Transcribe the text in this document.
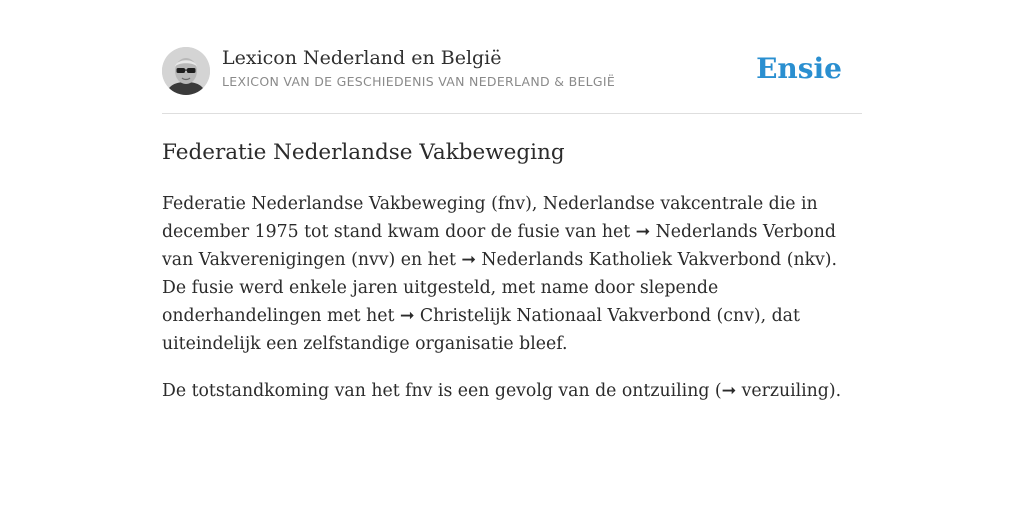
Lexicon Nederland en België
LEXICON VAN DE GESCHIEDENIS VAN NEDERLAND & BELGIË	Ensie
Federatie Nederlandse Vakbeweging

Federatie Nederlandse Vakbeweging (fnv), Nederlandse vakcentrale die in december 1975 tot stand kwam door de fusie van het ➞ Nederlands Verbond van Vakverenigingen (nvv) en het ➞ Nederlands Katholiek Vakverbond (nkv). De fusie werd enkele jaren uitgesteld, met name door slepende onderhandelingen met het ➞ Christelijk Nationaal Vakverbond (cnv), dat uiteindelijk een zelfstandige organisatie bleef.

De totstandkoming van het fnv is een gevolg van de ontzuiling (➞ verzuiling).
